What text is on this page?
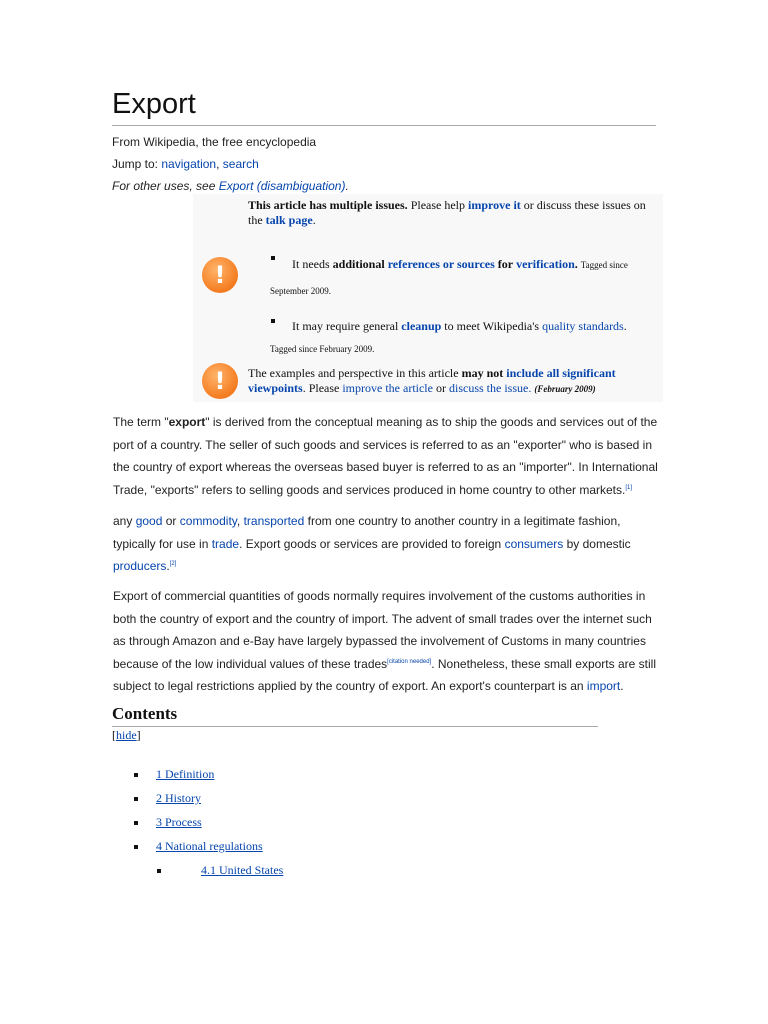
Export
From Wikipedia, the free encyclopedia
Jump to: navigation, search
For other uses, see Export (disambiguation).
!
!
This article has multiple issues. Please help improve it or discuss these issues on the talk page.
It needs additional references or sources for verification. Tagged since September 2009.
It may require general cleanup to meet Wikipedia's quality standards. Tagged since February 2009.
The examples and perspective in this article may not include all significant viewpoints. Please improve the article or discuss the issue. (February 2009)
The term "export" is derived from the conceptual meaning as to ship the goods and services out of the port of a country. The seller of such goods and services is referred to as an "exporter" who is based in the country of export whereas the overseas based buyer is referred to as an "importer". In International Trade, "exports" refers to selling goods and services produced in home country to other markets.[1]
any good or commodity, transported from one country to another country in a legitimate fashion, typically for use in trade. Export goods or services are provided to foreign consumers by domestic producers.[2]
Export of commercial quantities of goods normally requires involvement of the customs authorities in both the country of export and the country of import. The advent of small trades over the internet such as through Amazon and e-Bay have largely bypassed the involvement of Customs in many countries because of the low individual values of these trades[citation needed]. Nonetheless, these small exports are still subject to legal restrictions applied by the country of export. An export's counterpart is an import.
Contents
[hide]
1 Definition
2 History
3 Process
4 National regulations
4.1 United States
